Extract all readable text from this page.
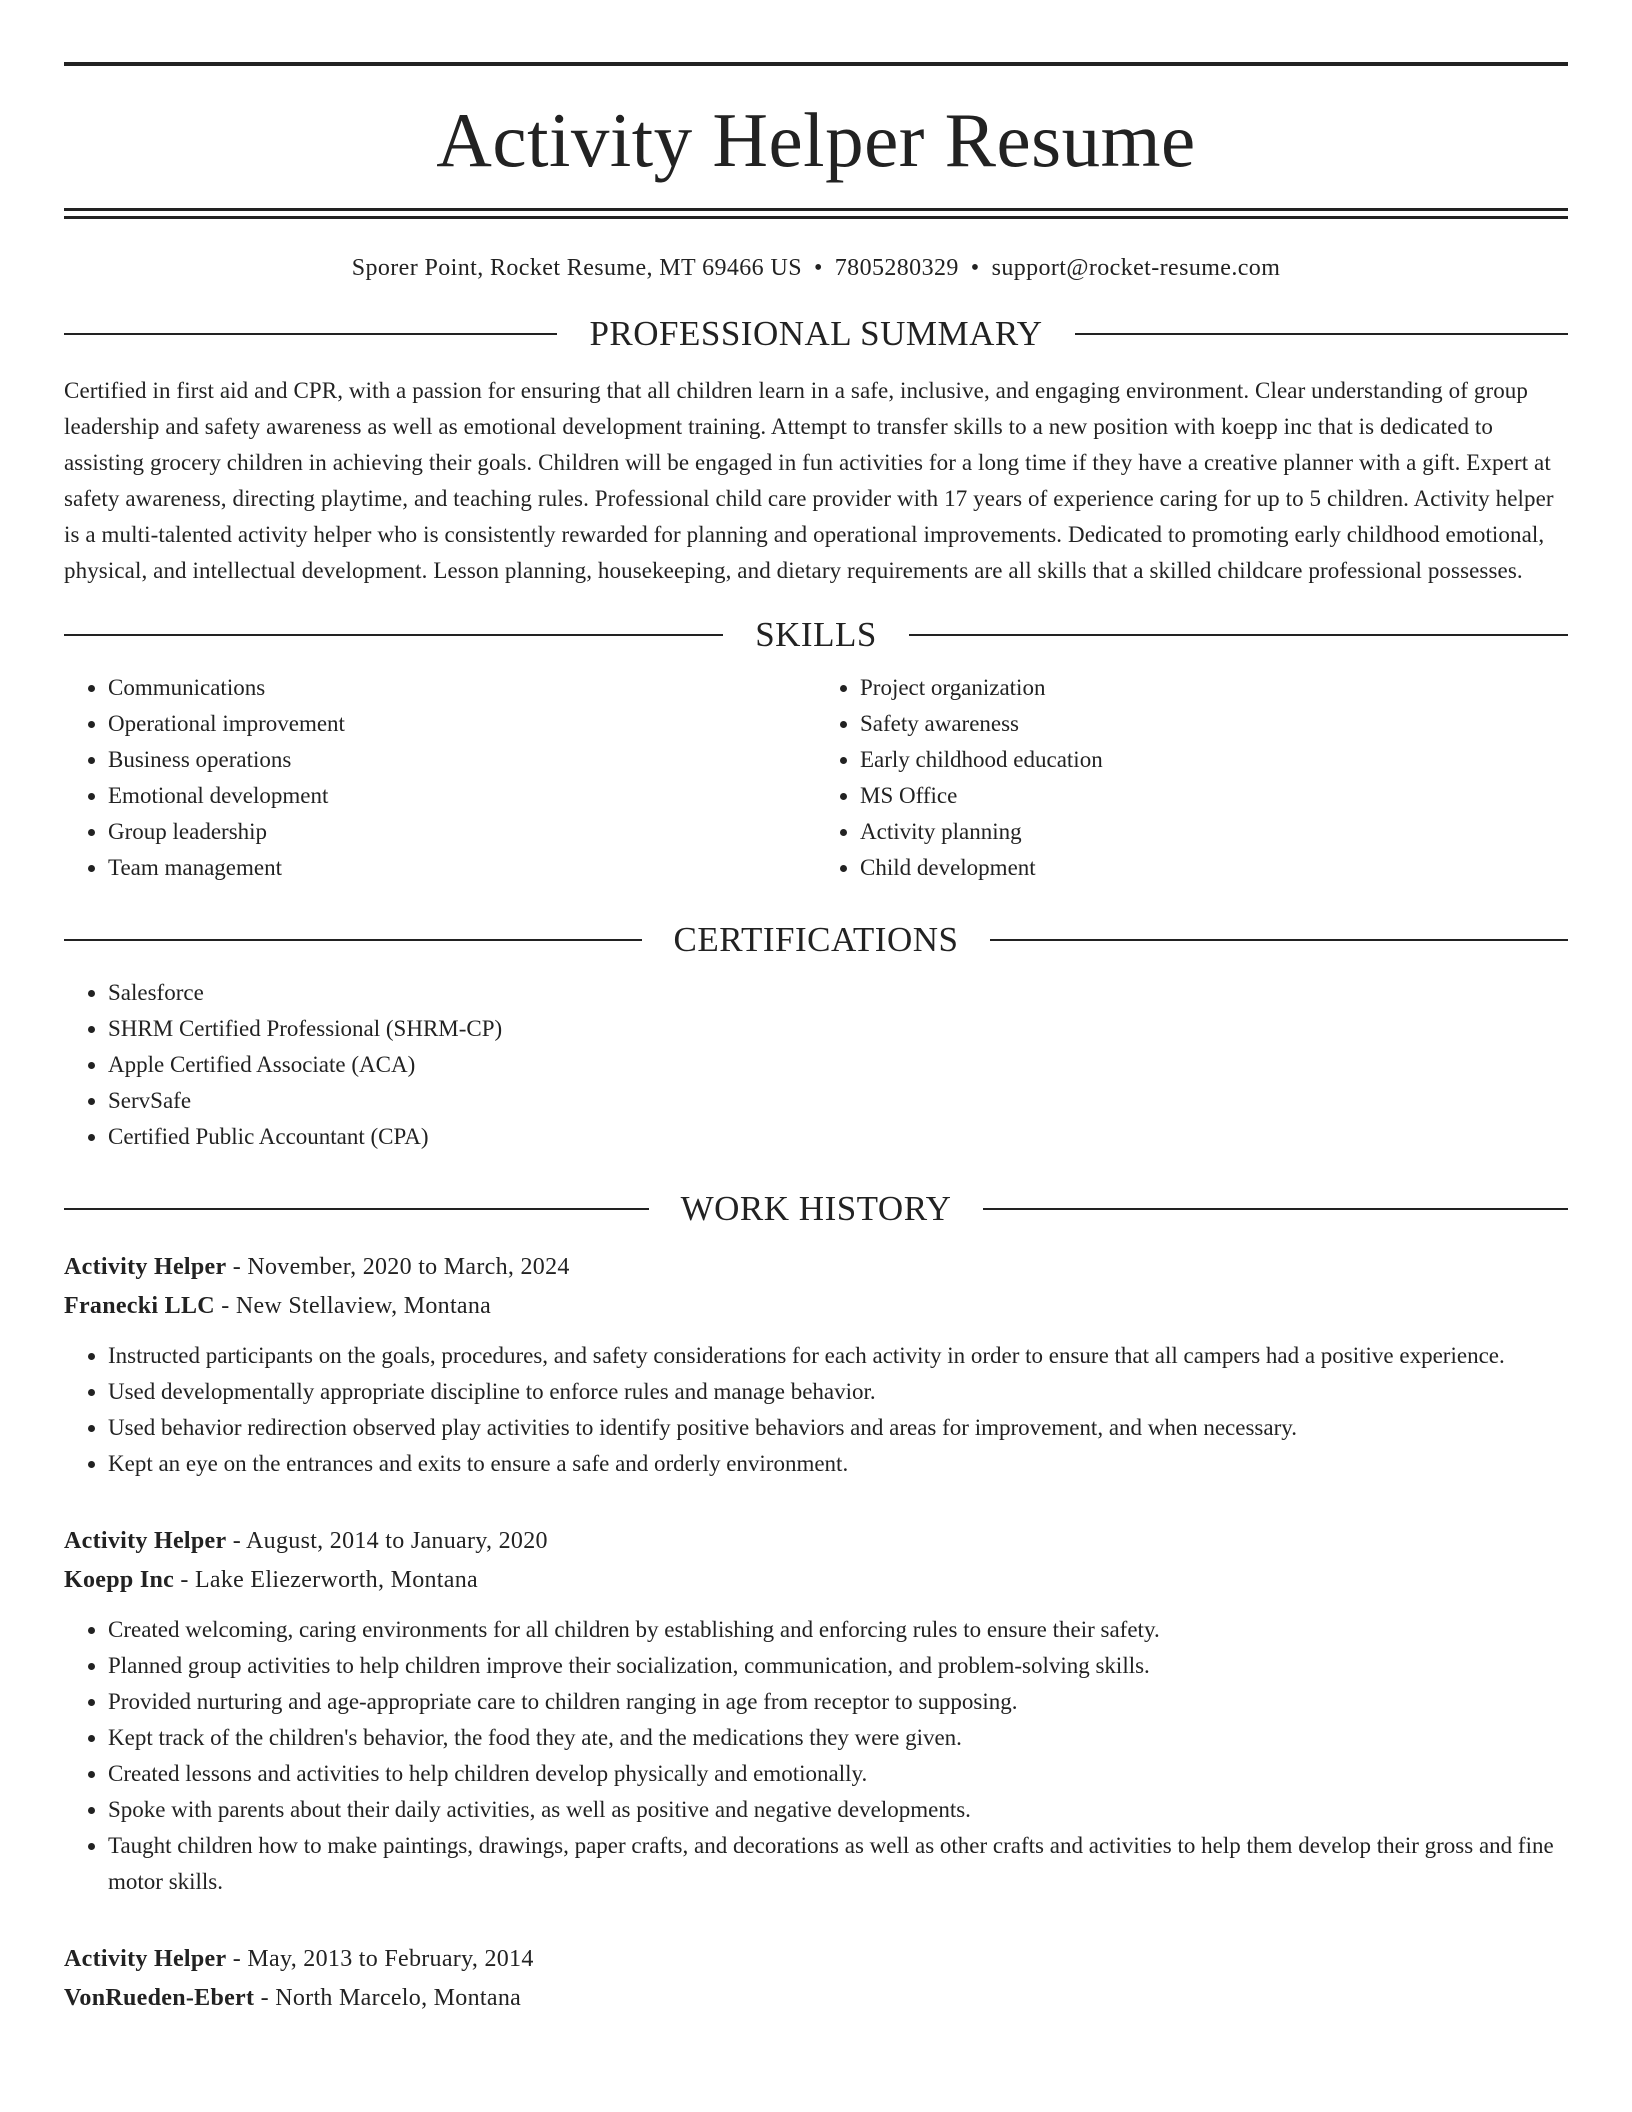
Activity Helper Resume
Sporer Point, Rocket Resume, MT 69466 US • 7805280329 • support@rocket-resume.com
PROFESSIONAL SUMMARY

Certified in first aid and CPR, with a passion for ensuring that all children learn in a safe, inclusive, and engaging environment. Clear understanding of group leadership and safety awareness as well as emotional development training. Attempt to transfer skills to a new position with koepp inc that is dedicated to assisting grocery children in achieving their goals. Children will be engaged in fun activities for a long time if they have a creative planner with a gift. Expert at safety awareness, directing playtime, and teaching rules. Professional child care provider with 17 years of experience caring for up to 5 children. Activity helper is a multi-talented activity helper who is consistently rewarded for planning and operational improvements. Dedicated to promoting early childhood emotional, physical, and intellectual development. Lesson planning, housekeeping, and dietary requirements are all skills that a skilled childcare professional possesses.

SKILLS
• Communications
• Operational improvement
• Business operations
• Emotional development
• Group leadership
• Team management
• Project organization
• Safety awareness
• Early childhood education
• MS Office
• Activity planning
• Child development
CERTIFICATIONS
• Salesforce
• SHRM Certified Professional (SHRM-CP)
• Apple Certified Associate (ACA)
• ServSafe
• Certified Public Accountant (CPA)
WORK HISTORY
Activity Helper - November, 2020 to March, 2024
Franecki LLC - New Stellaview, Montana
• Instructed participants on the goals, procedures, and safety considerations for each activity in order to ensure that all campers had a positive experience.
• Used developmentally appropriate discipline to enforce rules and manage behavior.
• Used behavior redirection observed play activities to identify positive behaviors and areas for improvement, and when necessary.
• Kept an eye on the entrances and exits to ensure a safe and orderly environment.
Activity Helper - August, 2014 to January, 2020
Koepp Inc - Lake Eliezerworth, Montana
• Created welcoming, caring environments for all children by establishing and enforcing rules to ensure their safety.
• Planned group activities to help children improve their socialization, communication, and problem-solving skills.
• Provided nurturing and age-appropriate care to children ranging in age from receptor to supposing.
• Kept track of the children's behavior, the food they ate, and the medications they were given.
• Created lessons and activities to help children develop physically and emotionally.
• Spoke with parents about their daily activities, as well as positive and negative developments.
• Taught children how to make paintings, drawings, paper crafts, and decorations as well as other crafts and activities to help them develop their gross and fine motor skills.
Activity Helper - May, 2013 to February, 2014
VonRueden-Ebert - North Marcelo, Montana
